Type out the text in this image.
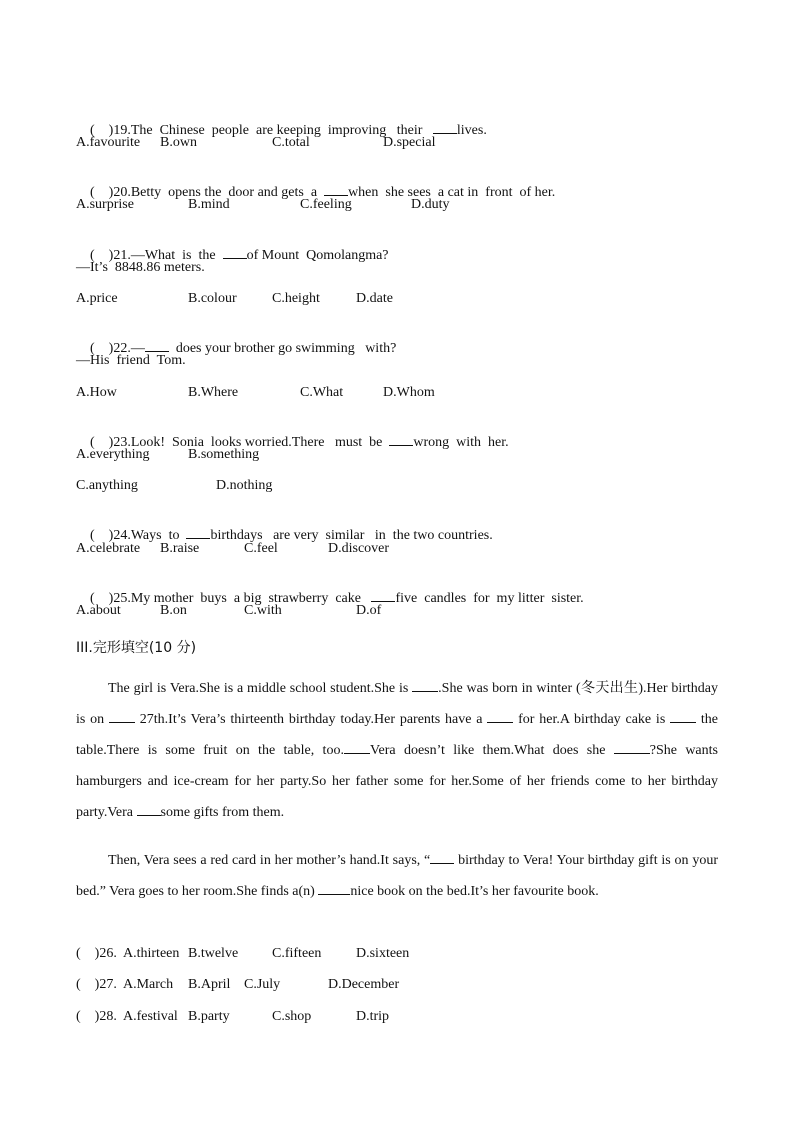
(    )19.The  Chinese  people  are keeping  improving   their   lives.

A.favourite B.own	C.total	D.special

(    )20.Betty  opens the  door and gets  a  when  she sees  a cat in  front  of her.

A.surprise	B.mind	C.feeling	D.duty

(    )21.—What  is  the  of Mount  Qomolangma?

—It’s  8848.86 meters.
A.price	B.colour	C.height	D.date

(    )22.—  does your brother go swimming   with?

—His  friend  Tom.
A.How	B.Where	C.What	D.Whom

(    )23.Look!  Sonia  looks worried.There   must  be  wrong  with  her.

A.everything	B.something
C.anything	D.nothing

(    )24.Ways  to  birthdays   are very  similar   in  the two countries.

A.celebrate B.raise	C.feel	D.discover

(    )25.My mother  buys  a big  strawberry  cake   five  candles  for  my litter  sister.

A.about	B.on	C.with	D.of
III.完形填空(10 分)
The girl is Vera.She is a middle school student.She is .She was born in winter (冬天出生).Her birthday is on  27th.It’s Vera’s thirteenth birthday today.Her parents have a  for her.A birthday cake is  the table.There is some fruit on the table, too. Vera doesn’t like them.What does she	?She wants hamburgers and ice-cream for her party.So her father some for her.Some of her friends come to her birthday party.Vera some gifts from them.
Then, Vera sees a red card in her mother’s hand.It says, “ birthday to Vera! Your birthday gift is on your bed.” Vera goes to her room.She finds a(n) nice book on the bed.It’s her favourite book.
(    )26. A.thirteen B.twelve C.fifteen D.sixteen
(    )27. A.March B.April C.July	D.December
(    )28. A.festival B.party	C.shop	D.trip
